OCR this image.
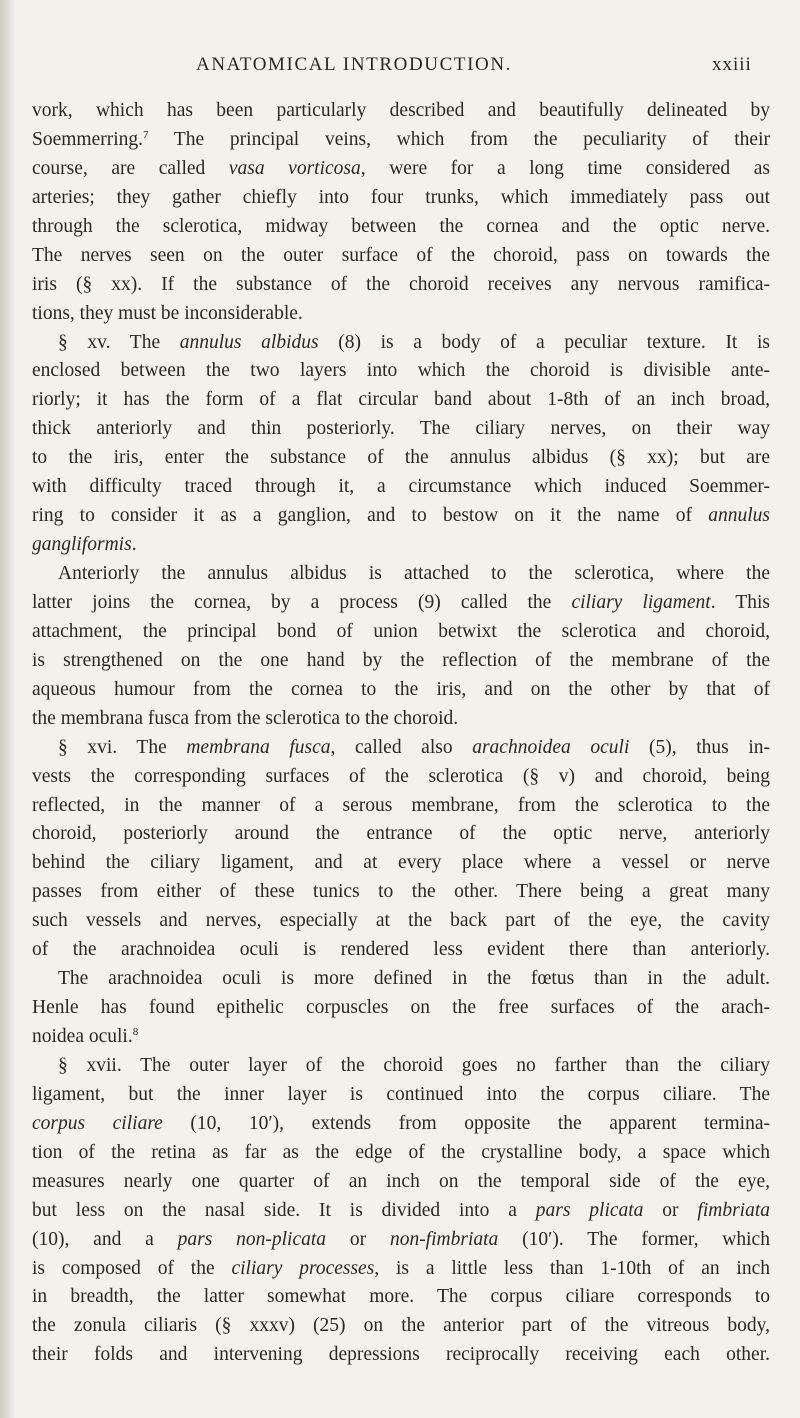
ANATOMICAL INTRODUCTION.	xxiii
vork, which has been particularly described and beautifully delineated by
Soemmerring.$^7$ The principal veins, which from the peculiarity of their
course, are called vasa vorticosa, were for a long time considered as
arteries; they gather chiefly into four trunks, which immediately pass out
through the sclerotica, midway between the cornea and the optic nerve.
The nerves seen on the outer surface of the choroid, pass on towards the
iris (§ xx). If the substance of the choroid receives any nervous ramifica-
tions, they must be inconsiderable.
§ xv. The annulus albidus (8) is a body of a peculiar texture. It is
enclosed between the two layers into which the choroid is divisible ante-
riorly; it has the form of a flat circular band about 1-8th of an inch broad,
thick anteriorly and thin posteriorly. The ciliary nerves, on their way
to the iris, enter the substance of the annulus albidus (§ xx); but are
with difficulty traced through it, a circumstance which induced Soemmer-
ring to consider it as a ganglion, and to bestow on it the name of annulus
gangliformis.
Anteriorly the annulus albidus is attached to the sclerotica, where the
latter joins the cornea, by a process (9) called the ciliary ligament. This
attachment, the principal bond of union betwixt the sclerotica and choroid,
is strengthened on the one hand by the reflection of the membrane of the
aqueous humour from the cornea to the iris, and on the other by that of
the membrana fusca from the sclerotica to the choroid.
§ xvi. The membrana fusca, called also arachnoidea oculi (5), thus in-
vests the corresponding surfaces of the sclerotica (§ v) and choroid, being
reflected, in the manner of a serous membrane, from the sclerotica to the
choroid, posteriorly around the entrance of the optic nerve, anteriorly
behind the ciliary ligament, and at every place where a vessel or nerve
passes from either of these tunics to the other. There being a great many
such vessels and nerves, especially at the back part of the eye, the cavity
of the arachnoidea oculi is rendered less evident there than anteriorly.
The arachnoidea oculi is more defined in the fœtus than in the adult.
Henle has found epithelic corpuscles on the free surfaces of the arach-
noidea oculi.$^8$
§ xvii. The outer layer of the choroid goes no farther than the ciliary
ligament, but the inner layer is continued into the corpus ciliare. The
corpus ciliare (10, 10′), extends from opposite the apparent termina-
tion of the retina as far as the edge of the crystalline body, a space which
measures nearly one quarter of an inch on the temporal side of the eye,
but less on the nasal side. It is divided into a pars plicata or fimbriata
(10), and a pars non-plicata or non-fimbriata (10′). The former, which
is composed of the ciliary processes, is a little less than 1-10th of an inch
in breadth, the latter somewhat more. The corpus ciliare corresponds to
the zonula ciliaris (§ xxxv) (25) on the anterior part of the vitreous body,
their folds and intervening depressions reciprocally receiving each other.
